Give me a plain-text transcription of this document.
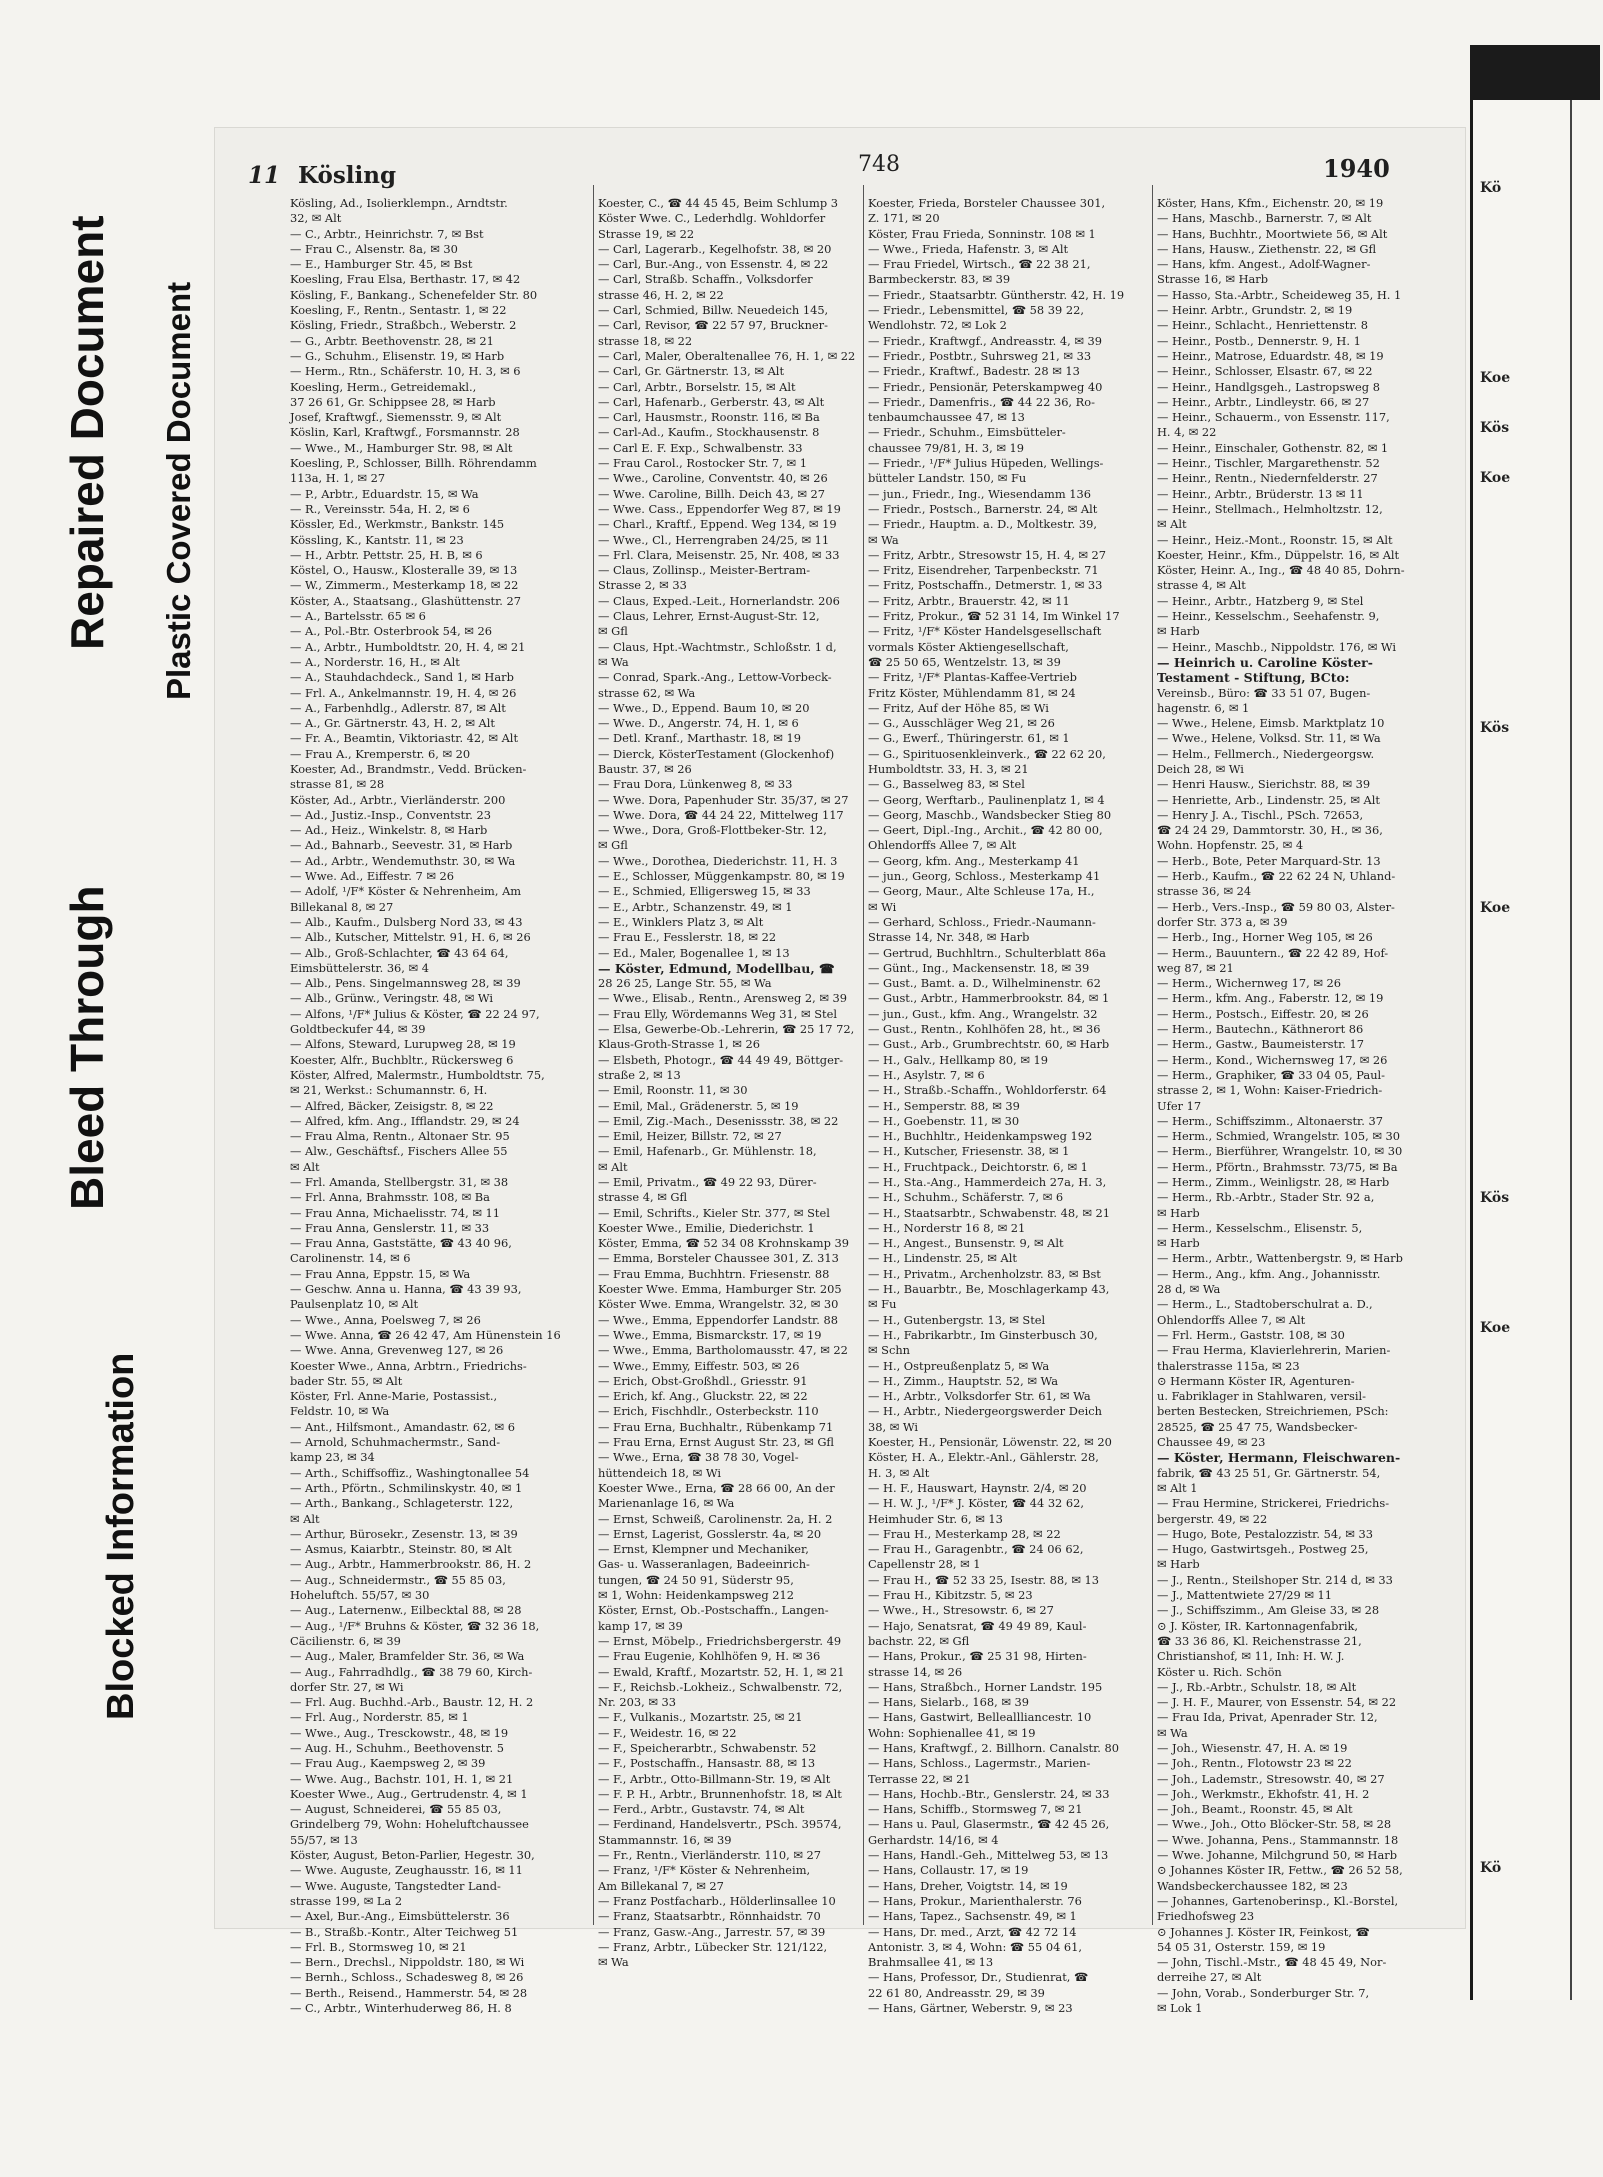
Bleed Through
Repaired Document
Blocked Information
Plastic Covered Document
Kö
Koe
Kös
Koe
Kös
Koe
Kös
Koe
Kö
11 Kösling	748	1940
Kösling, Ad., Isolierklempn., Arndtstr.
32, ✉ Alt
— C., Arbtr., Heinrichstr. 7, ✉ Bst
— Frau C., Alsenstr. 8a, ✉ 30
— E., Hamburger Str. 45, ✉ Bst
Koesling, Frau Elsa, Berthastr. 17, ✉ 42
Kösling, F., Bankang., Schenefelder Str. 80
Koesling, F., Rentn., Sentastr. 1, ✉ 22
Kösling, Friedr., Straßbch., Weberstr. 2
— G., Arbtr. Beethovenstr. 28, ✉ 21
— G., Schuhm., Elisenstr. 19, ✉ Harb
— Herm., Rtn., Schäferstr. 10, H. 3, ✉ 6
Koesling, Herm., Getreidemakl.,
37 26 61, Gr. Schippsee 28, ✉ Harb
Josef, Kraftwgf., Siemensstr. 9, ✉ Alt
Köslin, Karl, Kraftwgf., Forsmannstr. 28
— Wwe., M., Hamburger Str. 98, ✉ Alt
Koesling, P., Schlosser, Billh. Röhrendamm
113a, H. 1, ✉ 27
— P., Arbtr., Eduardstr. 15, ✉ Wa
— R., Vereinsstr. 54a, H. 2, ✉ 6
Kössler, Ed., Werkmstr., Bankstr. 145
Kössling, K., Kantstr. 11, ✉ 23
— H., Arbtr. Pettstr. 25, H. B, ✉ 6
Köstel, O., Hausw., Klosteralle 39, ✉ 13
— W., Zimmerm., Mesterkamp 18, ✉ 22
Köster, A., Staatsang., Glashüttenstr. 27
— A., Bartelsstr. 65 ✉ 6
— A., Pol.-Btr. Osterbrook 54, ✉ 26
— A., Arbtr., Humboldtstr. 20, H. 4, ✉ 21
— A., Norderstr. 16, H., ✉ Alt
— A., Stauhdachdeck., Sand 1, ✉ Harb
— Frl. A., Ankelmannstr. 19, H. 4, ✉ 26
— A., Farbenhdlg., Adlerstr. 87, ✉ Alt
— A., Gr. Gärtnerstr. 43, H. 2, ✉ Alt
— Fr. A., Beamtin, Viktoriastr. 42, ✉ Alt
— Frau A., Kremperstr. 6, ✉ 20
Koester, Ad., Brandmstr., Vedd. Brücken-
strasse 81, ✉ 28
Köster, Ad., Arbtr., Vierländerstr. 200
— Ad., Justiz.-Insp., Conventstr. 23
— Ad., Heiz., Winkelstr. 8, ✉ Harb
— Ad., Bahnarb., Seevestr. 31, ✉ Harb
— Ad., Arbtr., Wendemuthstr. 30, ✉ Wa
— Wwe. Ad., Eiffestr. 7 ✉ 26
— Adolf, ¹/F* Köster & Nehrenheim, Am
Billekanal 8, ✉ 27
— Alb., Kaufm., Dulsberg Nord 33, ✉ 43
— Alb., Kutscher, Mittelstr. 91, H. 6, ✉ 26
— Alb., Groß-Schlachter, ☎ 43 64 64,
Eimsbüttelerstr. 36, ✉ 4
— Alb., Pens. Singelmannsweg 28, ✉ 39
— Alb., Grünw., Veringstr. 48, ✉ Wi
— Alfons, ¹/F* Julius & Köster, ☎ 22 24 97,
Goldtbeckufer 44, ✉ 39
— Alfons, Steward, Lurupweg 28, ✉ 19
Koester, Alfr., Buchbltr., Rückersweg 6
Köster, Alfred, Malermstr., Humboldtstr. 75,
✉ 21, Werkst.: Schumannstr. 6, H.
— Alfred, Bäcker, Zeisigstr. 8, ✉ 22
— Alfred, kfm. Ang., Ifflandstr. 29, ✉ 24
— Frau Alma, Rentn., Altonaer Str. 95
— Alw., Geschäftsf., Fischers Allee 55
✉ Alt
— Frl. Amanda, Stellbergstr. 31, ✉ 38
— Frl. Anna, Brahmsstr. 108, ✉ Ba
— Frau Anna, Michaelisstr. 74, ✉ 11
— Frau Anna, Genslerstr. 11, ✉ 33
— Frau Anna, Gaststätte, ☎ 43 40 96,
Carolinenstr. 14, ✉ 6
— Frau Anna, Eppstr. 15, ✉ Wa
— Geschw. Anna u. Hanna, ☎ 43 39 93,
Paulsenplatz 10, ✉ Alt
— Wwe., Anna, Poelsweg 7, ✉ 26
— Wwe. Anna, ☎ 26 42 47, Am Hünenstein 16
— Wwe. Anna, Grevenweg 127, ✉ 26
Koester Wwe., Anna, Arbtrn., Friedrichs-
bader Str. 55, ✉ Alt
Köster, Frl. Anne-Marie, Postassist.,
Feldstr. 10, ✉ Wa
— Ant., Hilfsmont., Amandastr. 62, ✉ 6
— Arnold, Schuhmachermstr., Sand-
kamp 23, ✉ 34
— Arth., Schiffsoffiz., Washingtonallee 54
— Arth., Pförtn., Schmilinskystr. 40, ✉ 1
— Arth., Bankang., Schlageterstr. 122,
✉ Alt
— Arthur, Bürosekr., Zesenstr. 13, ✉ 39
— Asmus, Kaiarbtr., Steinstr. 80, ✉ Alt
— Aug., Arbtr., Hammerbrookstr. 86, H. 2
— Aug., Schneidermstr., ☎ 55 85 03,
Hoheluftch. 55/57, ✉ 30
— Aug., Laternenw., Eilbecktal 88, ✉ 28
— Aug., ¹/F* Bruhns & Köster, ☎ 32 36 18,
Cäcilienstr. 6, ✉ 39
— Aug., Maler, Bramfelder Str. 36, ✉ Wa
— Aug., Fahrradhdlg., ☎ 38 79 60, Kirch-
dorfer Str. 27, ✉ Wi
— Frl. Aug. Buchhd.-Arb., Baustr. 12, H. 2
— Frl. Aug., Norderstr. 85, ✉ 1
— Wwe., Aug., Tresckowstr., 48, ✉ 19
— Aug. H., Schuhm., Beethovenstr. 5
— Frau Aug., Kaempsweg 2, ✉ 39
— Wwe. Aug., Bachstr. 101, H. 1, ✉ 21
Koester Wwe., Aug., Gertrudenstr. 4, ✉ 1
— August, Schneiderei, ☎ 55 85 03,
Grindelberg 79, Wohn: Hoheluftchaussee
55/57, ✉ 13
Köster, August, Beton-Parlier, Hegestr. 30,
— Wwe. Auguste, Zeughausstr. 16, ✉ 11
— Wwe. Auguste, Tangstedter Land-
strasse 199, ✉ La 2
— Axel, Bur.-Ang., Eimsbüttelerstr. 36
— B., Straßb.-Kontr., Alter Teichweg 51
— Frl. B., Stormsweg 10, ✉ 21
— Bern., Drechsl., Nippoldstr. 180, ✉ Wi
— Bernh., Schloss., Schadesweg 8, ✉ 26
— Berth., Reisend., Hammerstr. 54, ✉ 28
— C., Arbtr., Winterhuderweg 86, H. 8
Koester, C., ☎ 44 45 45, Beim Schlump 3
Köster Wwe. C., Lederhdlg. Wohldorfer
Strasse 19, ✉ 22
— Carl, Lagerarb., Kegelhofstr. 38, ✉ 20
— Carl, Bur.-Ang., von Essenstr. 4, ✉ 22
— Carl, Straßb. Schaffn., Volksdorfer
strasse 46, H. 2, ✉ 22
— Carl, Schmied, Billw. Neuedeich 145,
— Carl, Revisor, ☎ 22 57 97, Bruckner-
strasse 18, ✉ 22
— Carl, Maler, Oberaltenallee 76, H. 1, ✉ 22
— Carl, Gr. Gärtnerstr. 13, ✉ Alt
— Carl, Arbtr., Borselstr. 15, ✉ Alt
— Carl, Hafenarb., Gerberstr. 43, ✉ Alt
— Carl, Hausmstr., Roonstr. 116, ✉ Ba
— Carl-Ad., Kaufm., Stockhausenstr. 8
— Carl E. F. Exp., Schwalbenstr. 33
— Frau Carol., Rostocker Str. 7, ✉ 1
— Wwe., Caroline, Conventstr. 40, ✉ 26
— Wwe. Caroline, Billh. Deich 43, ✉ 27
— Wwe. Cass., Eppendorfer Weg 87, ✉ 19
— Charl., Kraftf., Eppend. Weg 134, ✉ 19
— Wwe., Cl., Herrengraben 24/25, ✉ 11
— Frl. Clara, Meisenstr. 25, Nr. 408, ✉ 33
— Claus, Zollinsp., Meister-Bertram-
Strasse 2, ✉ 33
— Claus, Exped.-Leit., Hornerlandstr. 206
— Claus, Lehrer, Ernst-August-Str. 12,
✉ Gfl
— Claus, Hpt.-Wachtmstr., Schloßstr. 1 d,
✉ Wa
— Conrad, Spark.-Ang., Lettow-Vorbeck-
strasse 62, ✉ Wa
— Wwe., D., Eppend. Baum 10, ✉ 20
— Wwe. D., Angerstr. 74, H. 1, ✉ 6
— Detl. Kranf., Marthastr. 18, ✉ 19
— Dierck, KösterTestament (Glockenhof)
Baustr. 37, ✉ 26
— Frau Dora, Lünkenweg 8, ✉ 33
— Wwe. Dora, Papenhuder Str. 35/37, ✉ 27
— Wwe. Dora, ☎ 44 24 22, Mittelweg 117
— Wwe., Dora, Groß-Flottbeker-Str. 12,
✉ Gfl
— Wwe., Dorothea, Diederichstr. 11, H. 3
— E., Schlosser, Müggenkampstr. 80, ✉ 19
— E., Schmied, Elligersweg 15, ✉ 33
— E., Arbtr., Schanzenstr. 49, ✉ 1
— E., Winklers Platz 3, ✉ Alt
— Frau E., Fesslerstr. 18, ✉ 22
— Ed., Maler, Bogenallee 1, ✉ 13
— Köster, Edmund, Modellbau, ☎
28 26 25, Lange Str. 55, ✉ Wa
— Wwe., Elisab., Rentn., Arensweg 2, ✉ 39
— Frau Elly, Wördemanns Weg 31, ✉ Stel
— Elsa, Gewerbe-Ob.-Lehrerin, ☎ 25 17 72,
Klaus-Groth-Strasse 1, ✉ 26
— Elsbeth, Photogr., ☎ 44 49 49, Böttger-
straße 2, ✉ 13
— Emil, Roonstr. 11, ✉ 30
— Emil, Mal., Grädenerstr. 5, ✉ 19
— Emil, Zig.-Mach., Desenissstr. 38, ✉ 22
— Emil, Heizer, Billstr. 72, ✉ 27
— Emil, Hafenarb., Gr. Mühlenstr. 18,
✉ Alt
— Emil, Privatm., ☎ 49 22 93, Dürer-
strasse 4, ✉ Gfl
— Emil, Schrifts., Kieler Str. 377, ✉ Stel
Koester Wwe., Emilie, Diederichstr. 1
Köster, Emma, ☎ 52 34 08 Krohnskamp 39
— Emma, Borsteler Chaussee 301, Z. 313
— Frau Emma, Buchhtrn. Friesenstr. 88
Koester Wwe. Emma, Hamburger Str. 205
Köster Wwe. Emma, Wrangelstr. 32, ✉ 30
— Wwe., Emma, Eppendorfer Landstr. 88
— Wwe., Emma, Bismarckstr. 17, ✉ 19
— Wwe., Emma, Bartholomausstr. 47, ✉ 22
— Wwe., Emmy, Eiffestr. 503, ✉ 26
— Erich, Obst-Großhdl., Griesstr. 91
— Erich, kf. Ang., Gluckstr. 22, ✉ 22
— Erich, Fischhdlr., Osterbeckstr. 110
— Frau Erna, Buchhaltr., Rübenkamp 71
— Frau Erna, Ernst August Str. 23, ✉ Gfl
— Wwe., Erna, ☎ 38 78 30, Vogel-
hüttendeich 18, ✉ Wi
Koester Wwe., Erna, ☎ 28 66 00, An der
Marienanlage 16, ✉ Wa
— Ernst, Schweiß, Carolinenstr. 2a, H. 2
— Ernst, Lagerist, Gosslerstr. 4a, ✉ 20
— Ernst, Klempner und Mechaniker,
Gas- u. Wasseranlagen, Badeeinrich-
tungen, ☎ 24 50 91, Süderstr 95,
✉ 1, Wohn: Heidenkampsweg 212
Köster, Ernst, Ob.-Postschaffn., Langen-
kamp 17, ✉ 39
— Ernst, Möbelp., Friedrichsbergerstr. 49
— Frau Eugenie, Kohlhöfen 9, H. ✉ 36
— Ewald, Kraftf., Mozartstr. 52, H. 1, ✉ 21
— F., Reichsb.-Lokheiz., Schwalbenstr. 72,
Nr. 203, ✉ 33
— F., Vulkanis., Mozartstr. 25, ✉ 21
— F., Weidestr. 16, ✉ 22
— F., Speicherarbtr., Schwabenstr. 52
— F., Postschaffn., Hansastr. 88, ✉ 13
— F., Arbtr., Otto-Billmann-Str. 19, ✉ Alt
— F. P. H., Arbtr., Brunnenhofstr. 18, ✉ Alt
— Ferd., Arbtr., Gustavstr. 74, ✉ Alt
— Ferdinand, Handelsvertr., PSch. 39574,
Stammannstr. 16, ✉ 39
— Fr., Rentn., Vierländerstr. 110, ✉ 27
— Franz, ¹/F* Köster & Nehrenheim,
Am Billekanal 7, ✉ 27
— Franz Postfacharb., Hölderlinsallee 10
— Franz, Staatsarbtr., Rönnhaidstr. 70
— Franz, Gasw.-Ang., Jarrestr. 57, ✉ 39
— Franz, Arbtr., Lübecker Str. 121/122,
✉ Wa
Koester, Frieda, Borsteler Chaussee 301,
Z. 171, ✉ 20
Köster, Frau Frieda, Sonninstr. 108 ✉ 1
— Wwe., Frieda, Hafenstr. 3, ✉ Alt
— Frau Friedel, Wirtsch., ☎ 22 38 21,
Barmbeckerstr. 83, ✉ 39
— Friedr., Staatsarbtr. Güntherstr. 42, H. 19
— Friedr., Lebensmittel, ☎ 58 39 22,
Wendlohstr. 72, ✉ Lok 2
— Friedr., Kraftwgf., Andreasstr. 4, ✉ 39
— Friedr., Postbtr., Suhrsweg 21, ✉ 33
— Friedr., Kraftwf., Badestr. 28 ✉ 13
— Friedr., Pensionär, Peterskampweg 40
— Friedr., Damenfris., ☎ 44 22 36, Ro-
tenbaumchaussee 47, ✉ 13
— Friedr., Schuhm., Eimsbütteler-
chaussee 79/81, H. 3, ✉ 19
— Friedr., ¹/F* Julius Hüpeden, Wellings-
bütteler Landstr. 150, ✉ Fu
— jun., Friedr., Ing., Wiesendamm 136
— Friedr., Postsch., Barnerstr. 24, ✉ Alt
— Friedr., Hauptm. a. D., Moltkestr. 39,
✉ Wa
— Fritz, Arbtr., Stresowstr 15, H. 4, ✉ 27
— Fritz, Eisendreher, Tarpenbeckstr. 71
— Fritz, Postschaffn., Detmerstr. 1, ✉ 33
— Fritz, Arbtr., Brauerstr. 42, ✉ 11
— Fritz, Prokur., ☎ 52 31 14, Im Winkel 17
— Fritz, ¹/F* Köster Handelsgesellschaft
vormals Köster Aktiengesellschaft,
☎ 25 50 65, Wentzelstr. 13, ✉ 39
— Fritz, ¹/F* Plantas-Kaffee-Vertrieb
Fritz Köster, Mühlendamm 81, ✉ 24
— Fritz, Auf der Höhe 85, ✉ Wi
— G., Ausschläger Weg 21, ✉ 26
— G., Ewerf., Thüringerstr. 61, ✉ 1
— G., Spirituosenkleinverk., ☎ 22 62 20,
Humboldtstr. 33, H. 3, ✉ 21
— G., Basselweg 83, ✉ Stel
— Georg, Werftarb., Paulinenplatz 1, ✉ 4
— Georg, Maschb., Wandsbecker Stieg 80
— Geert, Dipl.-Ing., Archit., ☎ 42 80 00,
Ohlendorffs Allee 7, ✉ Alt
— Georg, kfm. Ang., Mesterkamp 41
— jun., Georg, Schloss., Mesterkamp 41
— Georg, Maur., Alte Schleuse 17a, H.,
✉ Wi
— Gerhard, Schloss., Friedr.-Naumann-
Strasse 14, Nr. 348, ✉ Harb
— Gertrud, Buchhltrn., Schulterblatt 86a
— Günt., Ing., Mackensenstr. 18, ✉ 39
— Gust., Bamt. a. D., Wilhelminenstr. 62
— Gust., Arbtr., Hammerbrookstr. 84, ✉ 1
— jun., Gust., kfm. Ang., Wrangelstr. 32
— Gust., Rentn., Kohlhöfen 28, ht., ✉ 36
— Gust., Arb., Grumbrechtstr. 60, ✉ Harb
— H., Galv., Hellkamp 80, ✉ 19
— H., Asylstr. 7, ✉ 6
— H., Straßb.-Schaffn., Wohldorferstr. 64
— H., Semperstr. 88, ✉ 39
— H., Goebenstr. 11, ✉ 30
— H., Buchhltr., Heidenkampsweg 192
— H., Kutscher, Friesenstr. 38, ✉ 1
— H., Fruchtpack., Deichtorstr. 6, ✉ 1
— H., Sta.-Ang., Hammerdeich 27a, H. 3,
— H., Schuhm., Schäferstr. 7, ✉ 6
— H., Staatsarbtr., Schwabenstr. 48, ✉ 21
— H., Norderstr 16 8, ✉ 21
— H., Angest., Bunsenstr. 9, ✉ Alt
— H., Lindenstr. 25, ✉ Alt
— H., Privatm., Archenholzstr. 83, ✉ Bst
— H., Bauarbtr., Be, Moschlagerkamp 43,
✉ Fu
— H., Gutenbergstr. 13, ✉ Stel
— H., Fabrikarbtr., Im Ginsterbusch 30,
✉ Schn
— H., Ostpreußenplatz 5, ✉ Wa
— H., Zimm., Hauptstr. 52, ✉ Wa
— H., Arbtr., Volksdorfer Str. 61, ✉ Wa
— H., Arbtr., Niedergeorgswerder Deich
38, ✉ Wi
Koester, H., Pensionär, Löwenstr. 22, ✉ 20
Köster, H. A., Elektr.-Anl., Gählerstr. 28,
H. 3, ✉ Alt
— H. F., Hauswart, Haynstr. 2/4, ✉ 20
— H. W. J., ¹/F* J. Köster, ☎ 44 32 62,
Heimhuder Str. 6, ✉ 13
— Frau H., Mesterkamp 28, ✉ 22
— Frau H., Garagenbtr., ☎ 24 06 62,
Capellenstr 28, ✉ 1
— Frau H., ☎ 52 33 25, Isestr. 88, ✉ 13
— Frau H., Kibitzstr. 5, ✉ 23
— Wwe., H., Stresowstr. 6, ✉ 27
— Hajo, Senatsrat, ☎ 49 49 89, Kaul-
bachstr. 22, ✉ Gfl
— Hans, Prokur., ☎ 25 31 98, Hirten-
strasse 14, ✉ 26
— Hans, Straßbch., Horner Landstr. 195
— Hans, Sielarb., 168, ✉ 39
— Hans, Gastwirt, Belleallliancestr. 10
Wohn: Sophienallee 41, ✉ 19
— Hans, Kraftwgf., 2. Billhorn. Canalstr. 80
— Hans, Schloss., Lagermstr., Marien-
Terrasse 22, ✉ 21
— Hans, Hochb.-Btr., Genslerstr. 24, ✉ 33
— Hans, Schiffb., Stormsweg 7, ✉ 21
— Hans u. Paul, Glasermstr., ☎ 42 45 26,
Gerhardstr. 14/16, ✉ 4
— Hans, Handl.-Geh., Mittelweg 53, ✉ 13
— Hans, Collaustr. 17, ✉ 19
— Hans, Dreher, Voigtstr. 14, ✉ 19
— Hans, Prokur., Marienthalerstr. 76
— Hans, Tapez., Sachsenstr. 49, ✉ 1
— Hans, Dr. med., Arzt, ☎ 42 72 14
Antonistr. 3, ✉ 4, Wohn: ☎ 55 04 61,
Brahmsallee 41, ✉ 13
— Hans, Professor, Dr., Studienrat, ☎
22 61 80, Andreasstr. 29, ✉ 39
— Hans, Gärtner, Weberstr. 9, ✉ 23
Köster, Hans, Kfm., Eichenstr. 20, ✉ 19
— Hans, Maschb., Barnerstr. 7, ✉ Alt
— Hans, Buchhtr., Moortwiete 56, ✉ Alt
— Hans, Hausw., Ziethenstr. 22, ✉ Gfl
— Hans, kfm. Angest., Adolf-Wagner-
Strasse 16, ✉ Harb
— Hasso, Sta.-Arbtr., Scheideweg 35, H. 1
— Heinr. Arbtr., Grundstr. 2, ✉ 19
— Heinr., Schlacht., Henriettenstr. 8
— Heinr., Postb., Dennerstr. 9, H. 1
— Heinr., Matrose, Eduardstr. 48, ✉ 19
— Heinr., Schlosser, Elsastr. 67, ✉ 22
— Heinr., Handlgsgeh., Lastropsweg 8
— Heinr., Arbtr., Lindleystr. 66, ✉ 27
— Heinr., Schauerm., von Essenstr. 117,
H. 4, ✉ 22
— Heinr., Einschaler, Gothenstr. 82, ✉ 1
— Heinr., Tischler, Margarethenstr. 52
— Heinr., Rentn., Niedernfelderstr. 27
— Heinr., Arbtr., Brüderstr. 13 ✉ 11
— Heinr., Stellmach., Helmholtzstr. 12,
✉ Alt
— Heinr., Heiz.-Mont., Roonstr. 15, ✉ Alt
Koester, Heinr., Kfm., Düppelstr. 16, ✉ Alt
Köster, Heinr. A., Ing., ☎ 48 40 85, Dohrn-
strasse 4, ✉ Alt
— Heinr., Arbtr., Hatzberg 9, ✉ Stel
— Heinr., Kesselschm., Seehafenstr. 9,
✉ Harb
— Heinr., Maschb., Nippoldstr. 176, ✉ Wi
— Heinrich u. Caroline Köster-
Testament - Stiftung, BCto:
Vereinsb., Büro: ☎ 33 51 07, Bugen-
hagenstr. 6, ✉ 1
— Wwe., Helene, Eimsb. Marktplatz 10
— Wwe., Helene, Volksd. Str. 11, ✉ Wa
— Helm., Fellmerch., Niedergeorgsw.
Deich 28, ✉ Wi
— Henri Hausw., Sierichstr. 88, ✉ 39
— Henriette, Arb., Lindenstr. 25, ✉ Alt
— Henry J. A., Tischl., PSch. 72653,
☎ 24 24 29, Dammtorstr. 30, H., ✉ 36,
Wohn. Hopfenstr. 25, ✉ 4
— Herb., Bote, Peter Marquard-Str. 13
— Herb., Kaufm., ☎ 22 62 24 N, Uhland-
strasse 36, ✉ 24
— Herb., Vers.-Insp., ☎ 59 80 03, Alster-
dorfer Str. 373 a, ✉ 39
— Herb., Ing., Horner Weg 105, ✉ 26
— Herm., Bauuntern., ☎ 22 42 89, Hof-
weg 87, ✉ 21
— Herm., Wichernweg 17, ✉ 26
— Herm., kfm. Ang., Faberstr. 12, ✉ 19
— Herm., Postsch., Eiffestr. 20, ✉ 26
— Herm., Bautechn., Käthnerort 86
— Herm., Gastw., Baumeisterstr. 17
— Herm., Kond., Wichernsweg 17, ✉ 26
— Herm., Graphiker, ☎ 33 04 05, Paul-
strasse 2, ✉ 1, Wohn: Kaiser-Friedrich-
Ufer 17
— Herm., Schiffszimm., Altonaerstr. 37
— Herm., Schmied, Wrangelstr. 105, ✉ 30
— Herm., Bierführer, Wrangelstr. 10, ✉ 30
— Herm., Pförtn., Brahmsstr. 73/75, ✉ Ba
— Herm., Zimm., Weinligstr. 28, ✉ Harb
— Herm., Rb.-Arbtr., Stader Str. 92 a,
✉ Harb
— Herm., Kesselschm., Elisenstr. 5,
✉ Harb
— Herm., Arbtr., Wattenbergstr. 9, ✉ Harb
— Herm., Ang., kfm. Ang., Johannisstr.
28 d, ✉ Wa
— Herm., L., Stadtoberschulrat a. D.,
Ohlendorffs Allee 7, ✉ Alt
— Frl. Herm., Gaststr. 108, ✉ 30
— Frau Herma, Klavierlehrerin, Marien-
thalerstrasse 115a, ✉ 23
⊙ Hermann Köster IR, Agenturen-
u. Fabriklager in Stahlwaren, versil-
berten Bestecken, Streichriemen, PSch:
28525, ☎ 25 47 75, Wandsbecker-
Chaussee 49, ✉ 23
— Köster, Hermann, Fleischwaren-
fabrik, ☎ 43 25 51, Gr. Gärtnerstr. 54,
✉ Alt 1
— Frau Hermine, Strickerei, Friedrichs-
bergerstr. 49, ✉ 22
— Hugo, Bote, Pestalozzistr. 54, ✉ 33
— Hugo, Gastwirtsgeh., Postweg 25,
✉ Harb
— J., Rentn., Steilshoper Str. 214 d, ✉ 33
— J., Mattentwiete 27/29 ✉ 11
— J., Schiffszimm., Am Gleise 33, ✉ 28
⊙ J. Köster, IR. Kartonnagenfabrik,
☎ 33 36 86, Kl. Reichenstrasse 21,
Christianshof, ✉ 11, Inh: H. W. J.
Köster u. Rich. Schön
— J., Rb.-Arbtr., Schulstr. 18, ✉ Alt
— J. H. F., Maurer, von Essenstr. 54, ✉ 22
— Frau Ida, Privat, Apenrader Str. 12,
✉ Wa
— Joh., Wiesenstr. 47, H. A. ✉ 19
— Joh., Rentn., Flotowstr 23 ✉ 22
— Joh., Lademstr., Stresowstr. 40, ✉ 27
— Joh., Werkmstr., Ekhofstr. 41, H. 2
— Joh., Beamt., Roonstr. 45, ✉ Alt
— Wwe., Joh., Otto Blöcker-Str. 58, ✉ 28
— Wwe. Johanna, Pens., Stammannstr. 18
— Wwe. Johanne, Milchgrund 50, ✉ Harb
⊙ Johannes Köster IR, Fettw., ☎ 26 52 58,
Wandsbeckerchaussee 182, ✉ 23
— Johannes, Gartenoberinsp., Kl.-Borstel,
Friedhofsweg 23
⊙ Johannes J. Köster IR, Feinkost, ☎
54 05 31, Osterstr. 159, ✉ 19
— John, Tischl.-Mstr., ☎ 48 45 49, Nor-
derreihe 27, ✉ Alt
— John, Vorab., Sonderburger Str. 7,
✉ Lok 1
